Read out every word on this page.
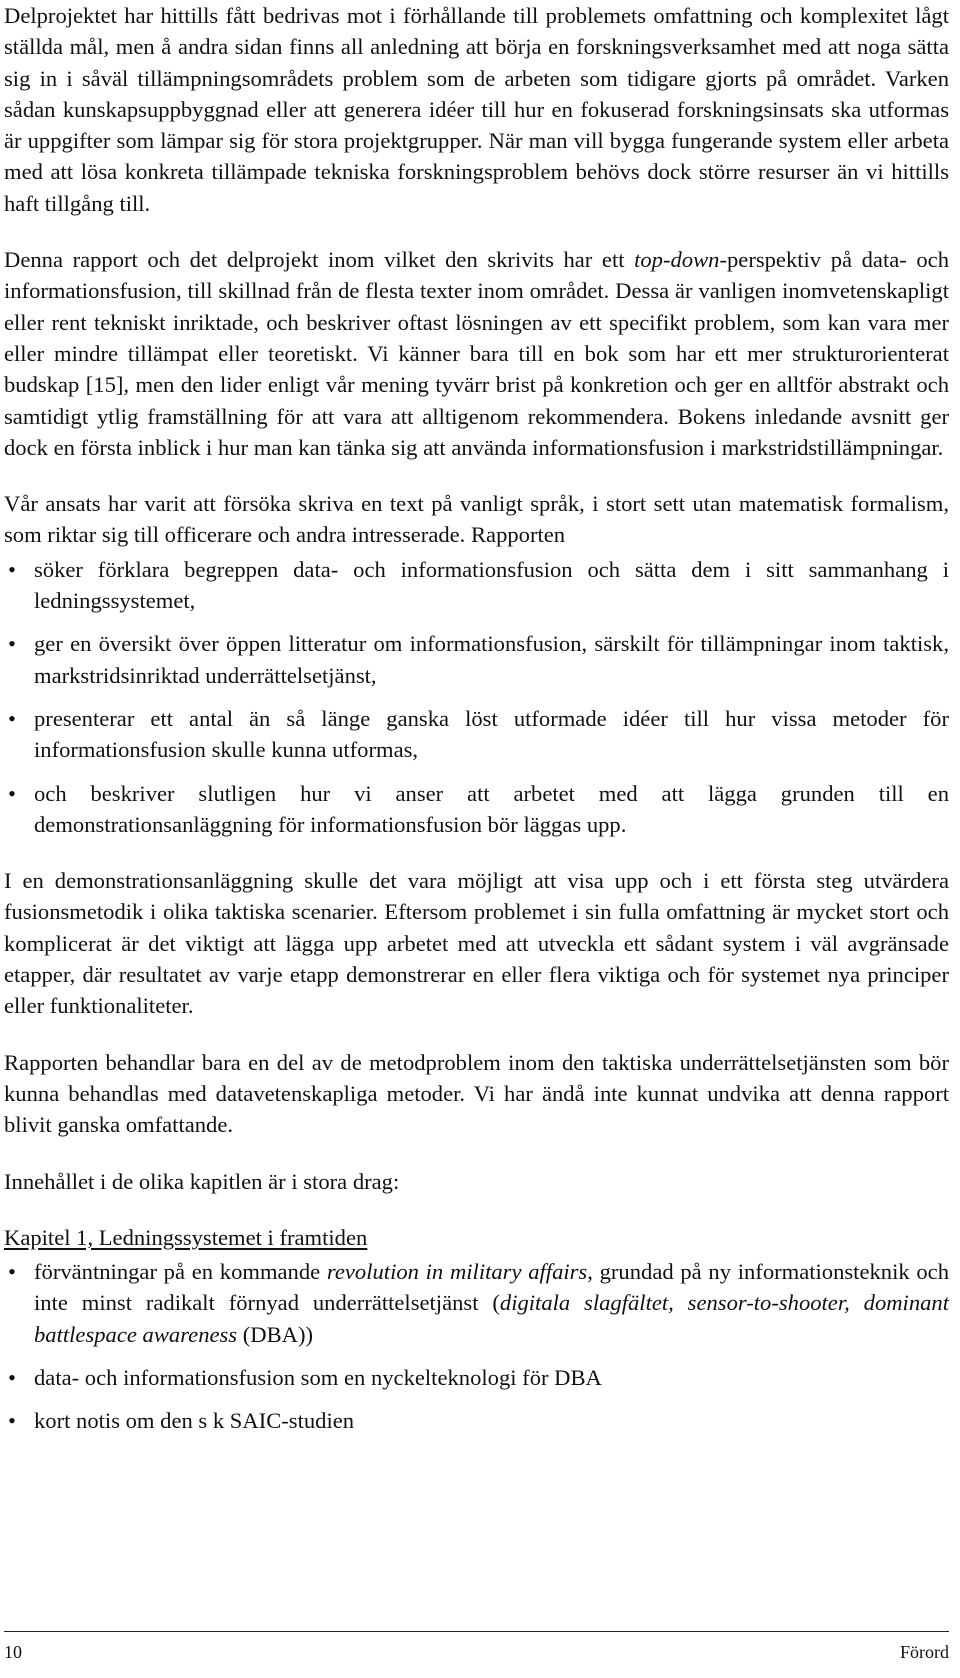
Delprojektet har hittills fått bedrivas mot i förhållande till problemets omfattning och komplexitet lågt ställda mål, men å andra sidan finns all anledning att börja en forskningsverksamhet med att noga sätta sig in i såväl tillämpningsområdets problem som de arbeten som tidigare gjorts på området. Varken sådan kunskapsuppbyggnad eller att generera idéer till hur en fokuserad forskningsinsats ska utformas är uppgifter som lämpar sig för stora projektgrupper. När man vill bygga fungerande system eller arbeta med att lösa konkreta tillämpade tekniska forskningsproblem behövs dock större resurser än vi hittills haft tillgång till.

Denna rapport och det delprojekt inom vilket den skrivits har ett top-down-perspektiv på data- och informationsfusion, till skillnad från de flesta texter inom området. Dessa är vanligen inomvetenskapligt eller rent tekniskt inriktade, och beskriver oftast lösningen av ett specifikt problem, som kan vara mer eller mindre tillämpat eller teoretiskt. Vi känner bara till en bok som har ett mer strukturorienterat budskap [15], men den lider enligt vår mening tyvärr brist på konkretion och ger en alltför abstrakt och samtidigt ytlig framställning för att vara att alltigenom rekommendera. Bokens inledande avsnitt ger dock en första inblick i hur man kan tänka sig att använda informationsfusion i markstridstillämpningar.

Vår ansats har varit att försöka skriva en text på vanligt språk, i stort sett utan matematisk formalism, som riktar sig till officerare och andra intresserade. Rapporten

• söker förklara begreppen data- och informationsfusion och sätta dem i sitt sammanhang i ledningssystemet,
• ger en översikt över öppen litteratur om informationsfusion, särskilt för tillämpningar inom taktisk, markstridsinriktad underrättelsetjänst,
• presenterar ett antal än så länge ganska löst utformade idéer till hur vissa metoder för informationsfusion skulle kunna utformas,
• och beskriver slutligen hur vi anser att arbetet med att lägga grunden till en demonstrationsanläggning för informationsfusion bör läggas upp.

I en demonstrationsanläggning skulle det vara möjligt att visa upp och i ett första steg utvärdera fusionsmetodik i olika taktiska scenarier. Eftersom problemet i sin fulla omfattning är mycket stort och komplicerat är det viktigt att lägga upp arbetet med att utveckla ett sådant system i väl avgränsade etapper, där resultatet av varje etapp demonstrerar en eller flera viktiga och för systemet nya principer eller funktionaliteter.

Rapporten behandlar bara en del av de metodproblem inom den taktiska underrättelsetjänsten som bör kunna behandlas med datavetenskapliga metoder. Vi har ändå inte kunnat undvika att denna rapport blivit ganska omfattande.

Innehållet i de olika kapitlen är i stora drag:

Kapitel 1, Ledningssystemet i framtiden

• förväntningar på en kommande revolution in military affairs, grundad på ny informationsteknik och inte minst radikalt förnyad underrättelsetjänst (digitala slagfältet, sensor-to-shooter, dominant battlespace awareness (DBA))
• data- och informationsfusion som en nyckelteknologi för DBA
• kort notis om den s k SAIC-studien
10	Förord
